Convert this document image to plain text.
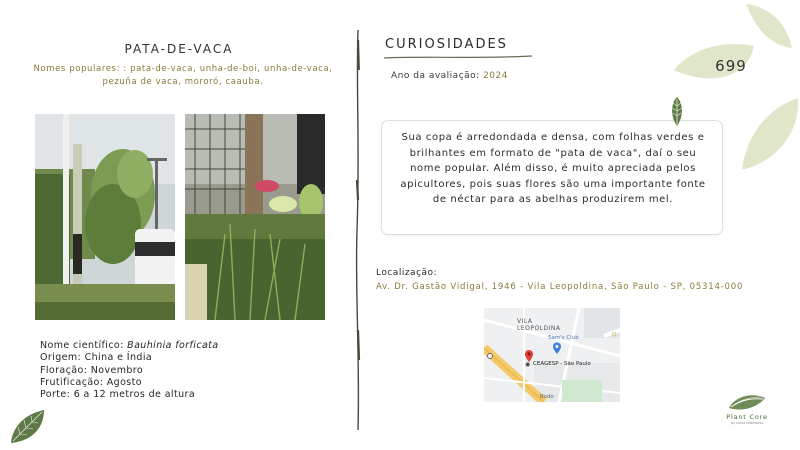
PATA-DE-VACA
Nomes populares: : pata-de-vaca, unha-de-boi, unha-de-vaca, pezuña de vaca, mororó, caauba.
Nome científico: Bauhinia forficata
Origem: China e Índia
Floração: Novembro
Frutificação: Agosto
Porte: 6 a 12 metros de altura
CURIOSIDADES
Ano da avaliação: 2024
Sua copa é arredondada e densa, com folhas verdes e brilhantes em formato de "pata de vaca", daí o seu nome popular. Além disso, é muito apreciada pelos apicultores, pois suas flores são uma importante fonte de néctar para as abelhas produzirem mel.
Localização:
Av. Dr. Gastão Vidigal, 1946 - Vila Leopoldina, São Paulo - SP, 05314-000
VILA
LEOPOLDINA
Q
Sam's Club
◉ CEAGESP - São Paulo
Rodo
699
Plant Core
by plant pathways
